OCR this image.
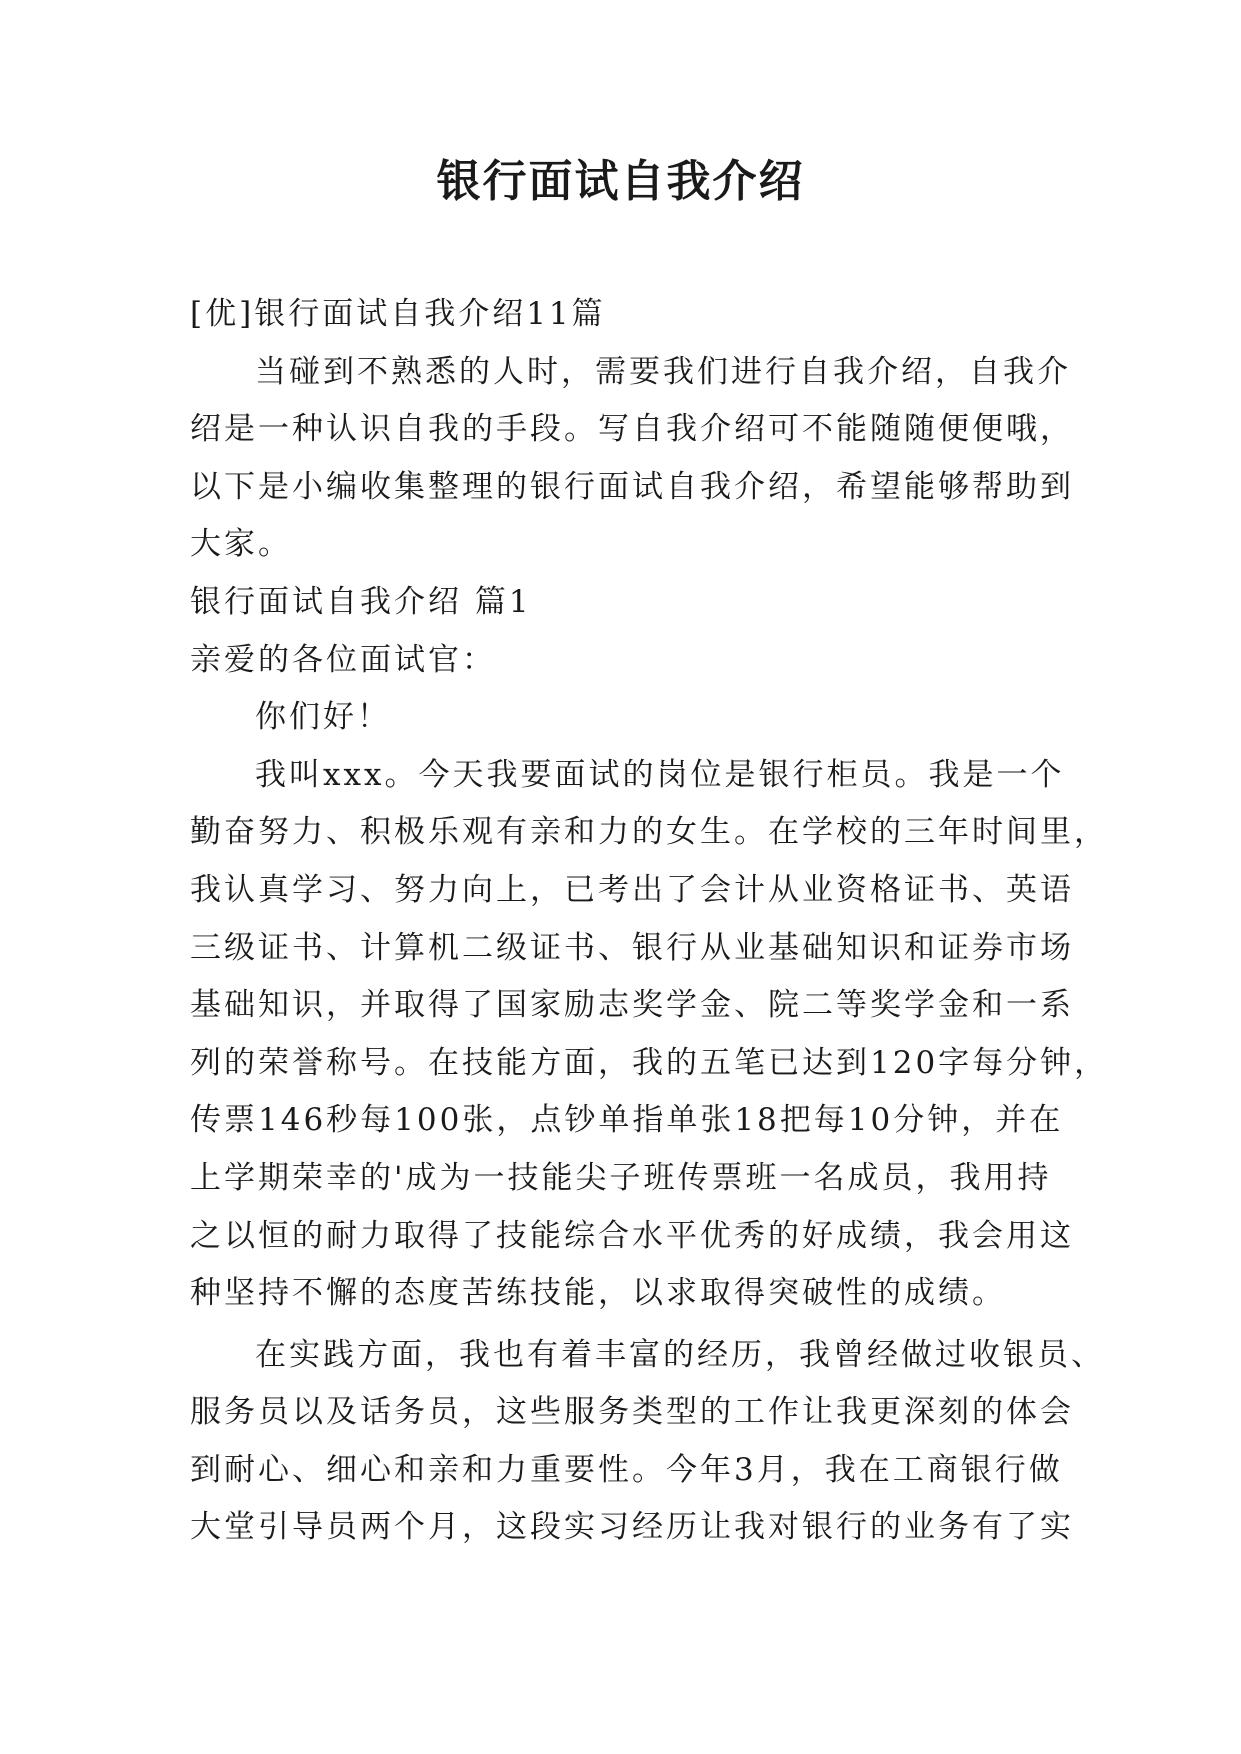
银行面试自我介绍
[优]银行面试自我介绍11篇
当碰到不熟悉的人时，需要我们进行自我介绍，自我介
绍是一种认识自我的手段。写自我介绍可不能随随便便哦，
以下是小编收集整理的银行面试自我介绍，希望能够帮助到
大家。
银行面试自我介绍 篇1
亲爱的各位面试官：
你们好！
我叫xxx。今天我要面试的岗位是银行柜员。我是一个
勤奋努力、积极乐观有亲和力的女生。在学校的三年时间里，
我认真学习、努力向上，已考出了会计从业资格证书、英语
三级证书、计算机二级证书、银行从业基础知识和证券市场
基础知识，并取得了国家励志奖学金、院二等奖学金和一系
列的荣誉称号。在技能方面，我的五笔已达到120字每分钟，
传票146秒每100张，点钞单指单张18把每10分钟，并在
上学期荣幸的'成为一技能尖子班传票班一名成员，我用持
之以恒的耐力取得了技能综合水平优秀的好成绩，我会用这
种坚持不懈的态度苦练技能，以求取得突破性的成绩。
在实践方面，我也有着丰富的经历，我曾经做过收银员、
服务员以及话务员，这些服务类型的工作让我更深刻的体会
到耐心、细心和亲和力重要性。今年3月，我在工商银行做
大堂引导员两个月，这段实习经历让我对银行的业务有了实
